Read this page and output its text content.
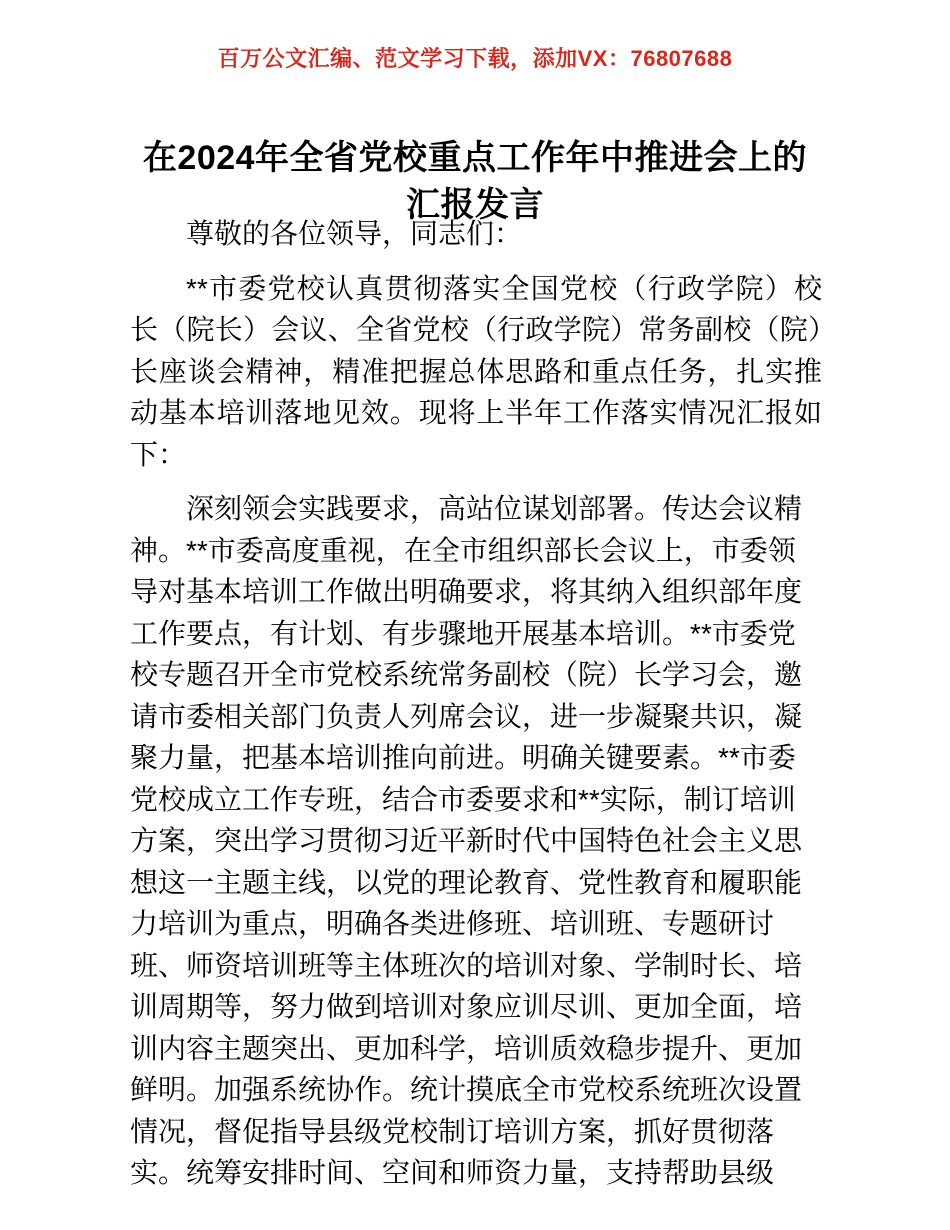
百万公文汇编、范文学习下载，添加VX：76807688
在2024年全省党校重点工作年中推进会上的汇报发言

尊敬的各位领导，同志们：

**市委党校认真贯彻落实全国党校（行政学院）校长（院长）会议、全省党校（行政学院）常务副校（院）长座谈会精神，精准把握总体思路和重点任务，扎实推动基本培训落地见效。现将上半年工作落实情况汇报如下：

深刻领会实践要求，高站位谋划部署。传达会议精神。**市委高度重视，在全市组织部长会议上，市委领导对基本培训工作做出明确要求，将其纳入组织部年度工作要点，有计划、有步骤地开展基本培训。**市委党校专题召开全市党校系统常务副校（院）长学习会，邀请市委相关部门负责人列席会议，进一步凝聚共识，凝聚力量，把基本培训推向前进。明确关键要素。**市委党校成立工作专班，结合市委要求和**实际，制订培训方案，突出学习贯彻习近平新时代中国特色社会主义思想这一主题主线，以党的理论教育、党性教育和履职能力培训为重点，明确各类进修班、培训班、专题研讨班、师资培训班等主体班次的培训对象、学制时长、培训周期等，努力做到培训对象应训尽训、更加全面，培训内容主题突出、更加科学，培训质效稳步提升、更加鲜明。加强系统协作。统计摸底全市党校系统班次设置情况，督促指导县级党校制订培训方案，抓好贯彻落实。统筹安排时间、空间和师资力量，支持帮助县级
